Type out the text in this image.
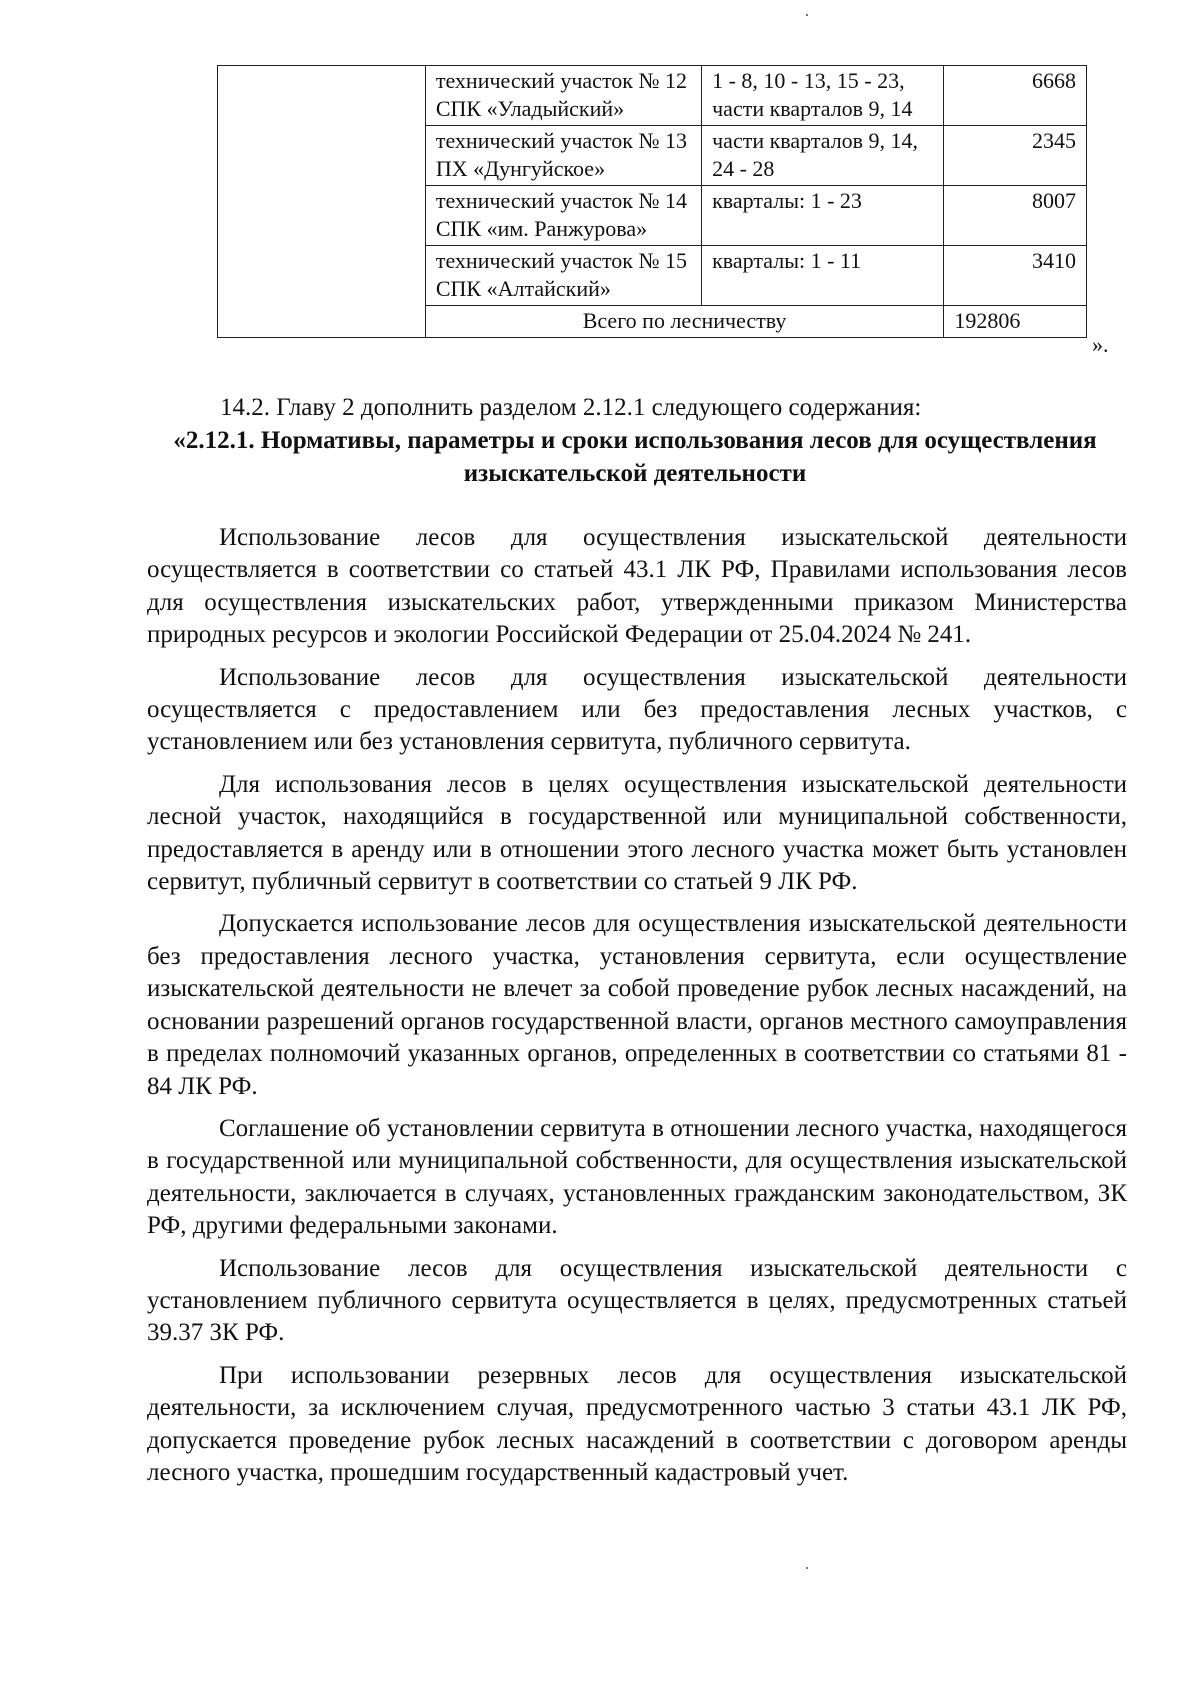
	технический участок № 12 СПК «Уладыйский»	1 - 8, 10 - 13, 15 - 23, части кварталов 9, 14	6668
	технический участок № 13 ПХ «Дунгуйское»	части кварталов 9, 14, 24 - 28	2345
	технический участок № 14 СПК «им. Ранжурова»	кварталы: 1 - 23	8007
	технический участок № 15 СПК «Алтайский»	кварталы: 1 - 11	3410
	Всего по лесничеству		192806
».
14.2. Главу 2 дополнить разделом 2.12.1 следующего содержания:
«2.12.1. Нормативы, параметры и сроки использования лесов для осуществления изыскательской деятельности

Использование лесов для осуществления изыскательской деятельности осуществляется в соответствии со статьей 43.1 ЛК РФ, Правилами использования лесов для осуществления изыскательских работ, утвержденными приказом Министерства природных ресурсов и экологии Российской Федерации от 25.04.2024 № 241.

Использование лесов для осуществления изыскательской деятельности осуществляется с предоставлением или без предоставления лесных участков, с установлением или без установления сервитута, публичного сервитута.

Для использования лесов в целях осуществления изыскательской деятельности лесной участок, находящийся в государственной или муниципальной собственности, предоставляется в аренду или в отношении этого лесного участка может быть установлен сервитут, публичный сервитут в соответствии со статьей 9 ЛК РФ.

Допускается использование лесов для осуществления изыскательской деятельности без предоставления лесного участка, установления сервитута, если осуществление изыскательской деятельности не влечет за собой проведение рубок лесных насаждений, на основании разрешений органов государственной власти, органов местного самоуправления в пределах полномочий указанных органов, определенных в соответствии со статьями 81 - 84 ЛК РФ.

Соглашение об установлении сервитута в отношении лесного участка, находящегося в государственной или муниципальной собственности, для осуществления изыскательской деятельности, заключается в случаях, установленных гражданским законодательством, ЗК РФ, другими федеральными законами.

Использование лесов для осуществления изыскательской деятельности с установлением публичного сервитута осуществляется в целях, предусмотренных статьей 39.37 ЗК РФ.

При использовании резервных лесов для осуществления изыскательской деятельности, за исключением случая, предусмотренного частью 3 статьи 43.1 ЛК РФ, допускается проведение рубок лесных насаждений в соответствии с договором аренды лесного участка, прошедшим государственный кадастровый учет.
